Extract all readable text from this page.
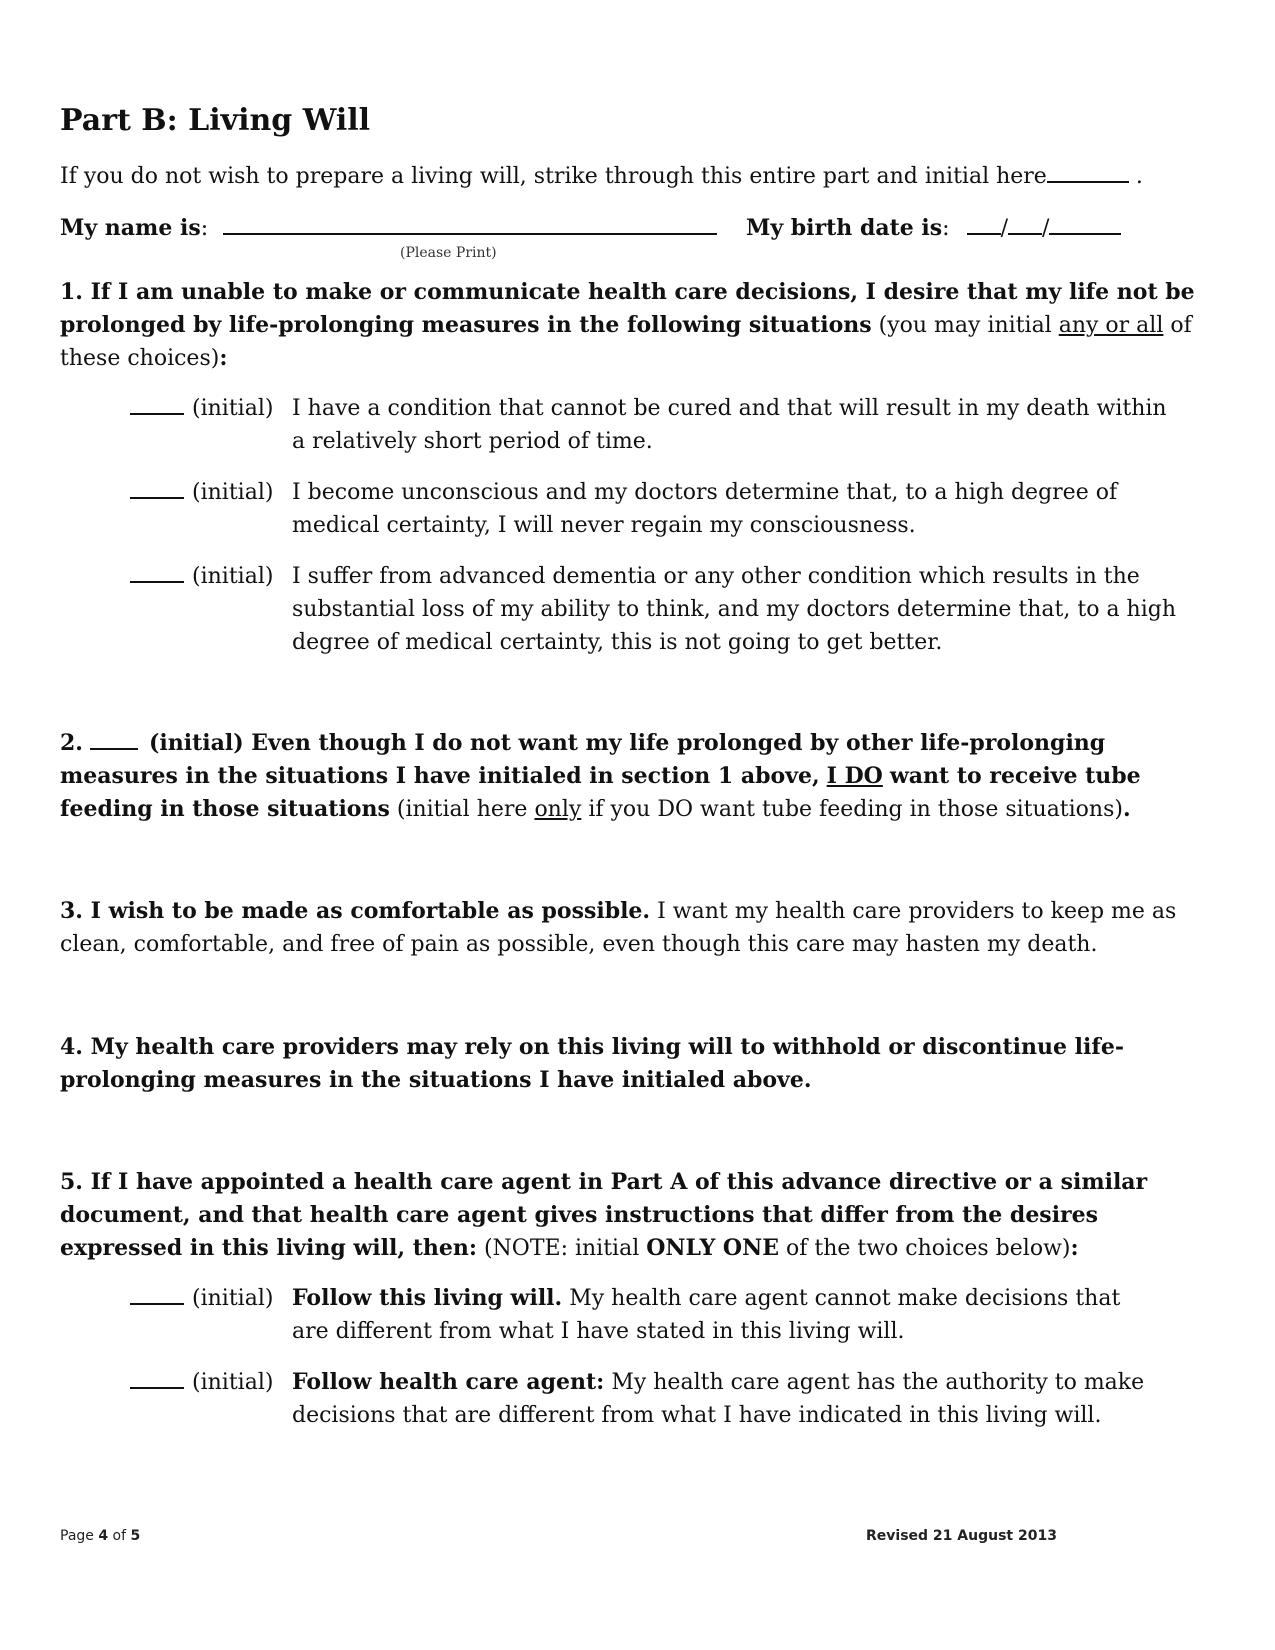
Part B: Living Will
If you do not wish to prepare a living will, strike through this entire part and initial here	.
My name is:
(Please Print)
My birth date is: / /
1. If I am unable to make or communicate health care decisions, I desire that my life not be prolonged by life-prolonging measures in the following situations (you may initial any or all of these choices):
(initial) I have a condition that cannot be cured and that will result in my death within a relatively short period of time.
(initial) I become unconscious and my doctors determine that, to a high degree of medical certainty, I will never regain my consciousness.
(initial) I suffer from advanced dementia or any other condition which results in the substantial loss of my ability to think, and my doctors determine that, to a high degree of medical certainty, this is not going to get better.
2.	(initial) Even though I do not want my life prolonged by other life-prolonging measures in the situations I have initialed in section 1 above, I DO want to receive tube feeding in those situations (initial here only if you DO want tube feeding in those situations).
3. I wish to be made as comfortable as possible. I want my health care providers to keep me as clean, comfortable, and free of pain as possible, even though this care may hasten my death.
4. My health care providers may rely on this living will to withhold or discontinue life-prolonging measures in the situations I have initialed above.
5. If I have appointed a health care agent in Part A of this advance directive or a similar document, and that health care agent gives instructions that differ from the desires expressed in this living will, then: (NOTE: initial ONLY ONE of the two choices below):
(initial) Follow this living will. My health care agent cannot make decisions that are different from what I have stated in this living will.
(initial) Follow health care agent: My health care agent has the authority to make decisions that are different from what I have indicated in this living will.
Page 4 of 5	Revised 21 August 2013
